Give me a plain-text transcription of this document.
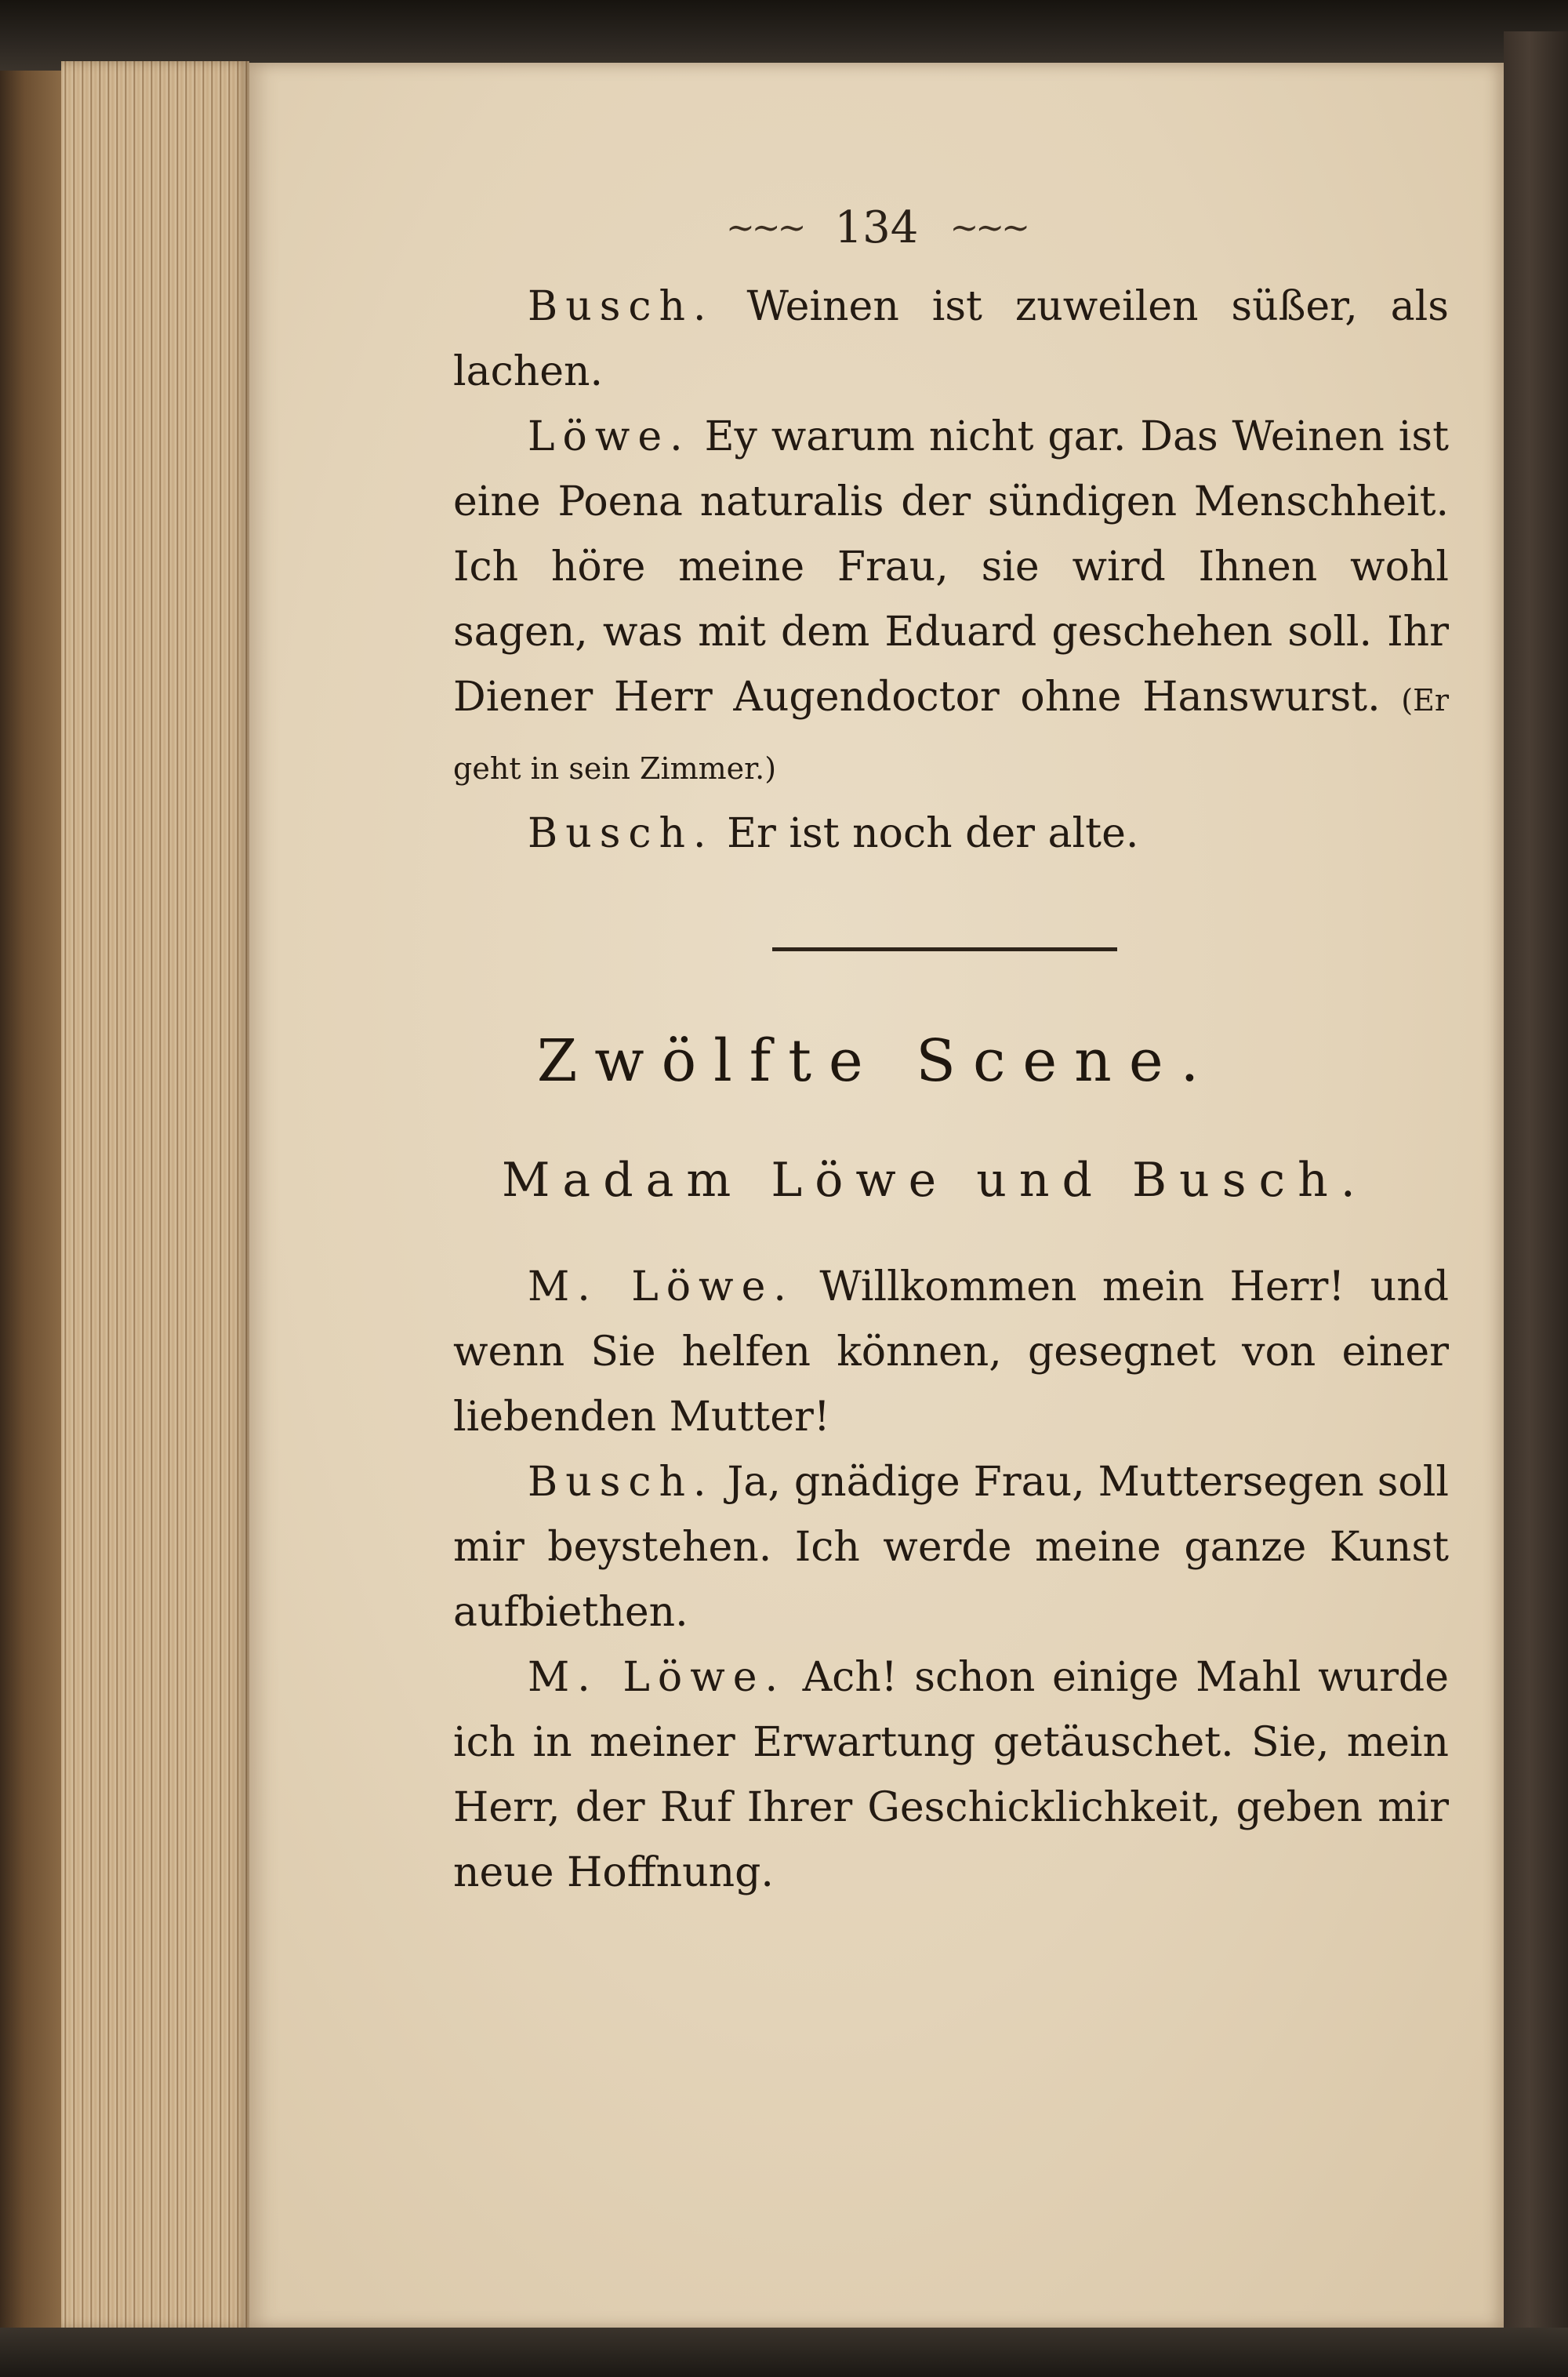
~~~ 134 ~~~

Busch. Weinen ist zuweilen süßer, als lachen.

Löwe. Ey warum nicht gar. Das Weinen ist eine Poena naturalis der sündigen Menschheit. Ich höre meine Frau, sie wird Ihnen wohl sagen, was mit dem Eduard geschehen soll. Ihr Diener Herr Augendoctor ohne Hanswurst. (Er geht in sein Zimmer.)

Busch. Er ist noch der alte.

Zwölfte Scene.
Madam Löwe und Busch.

M. Löwe. Willkommen mein Herr! und wenn Sie helfen können, gesegnet von einer liebenden Mutter!

Busch. Ja, gnädige Frau, Muttersegen soll mir beystehen. Ich werde meine ganze Kunst aufbiethen.

M. Löwe. Ach! schon einige Mahl wurde ich in meiner Erwartung getäuschet. Sie, mein Herr, der Ruf Ihrer Geschicklichkeit, geben mir neue Hoffnung.
